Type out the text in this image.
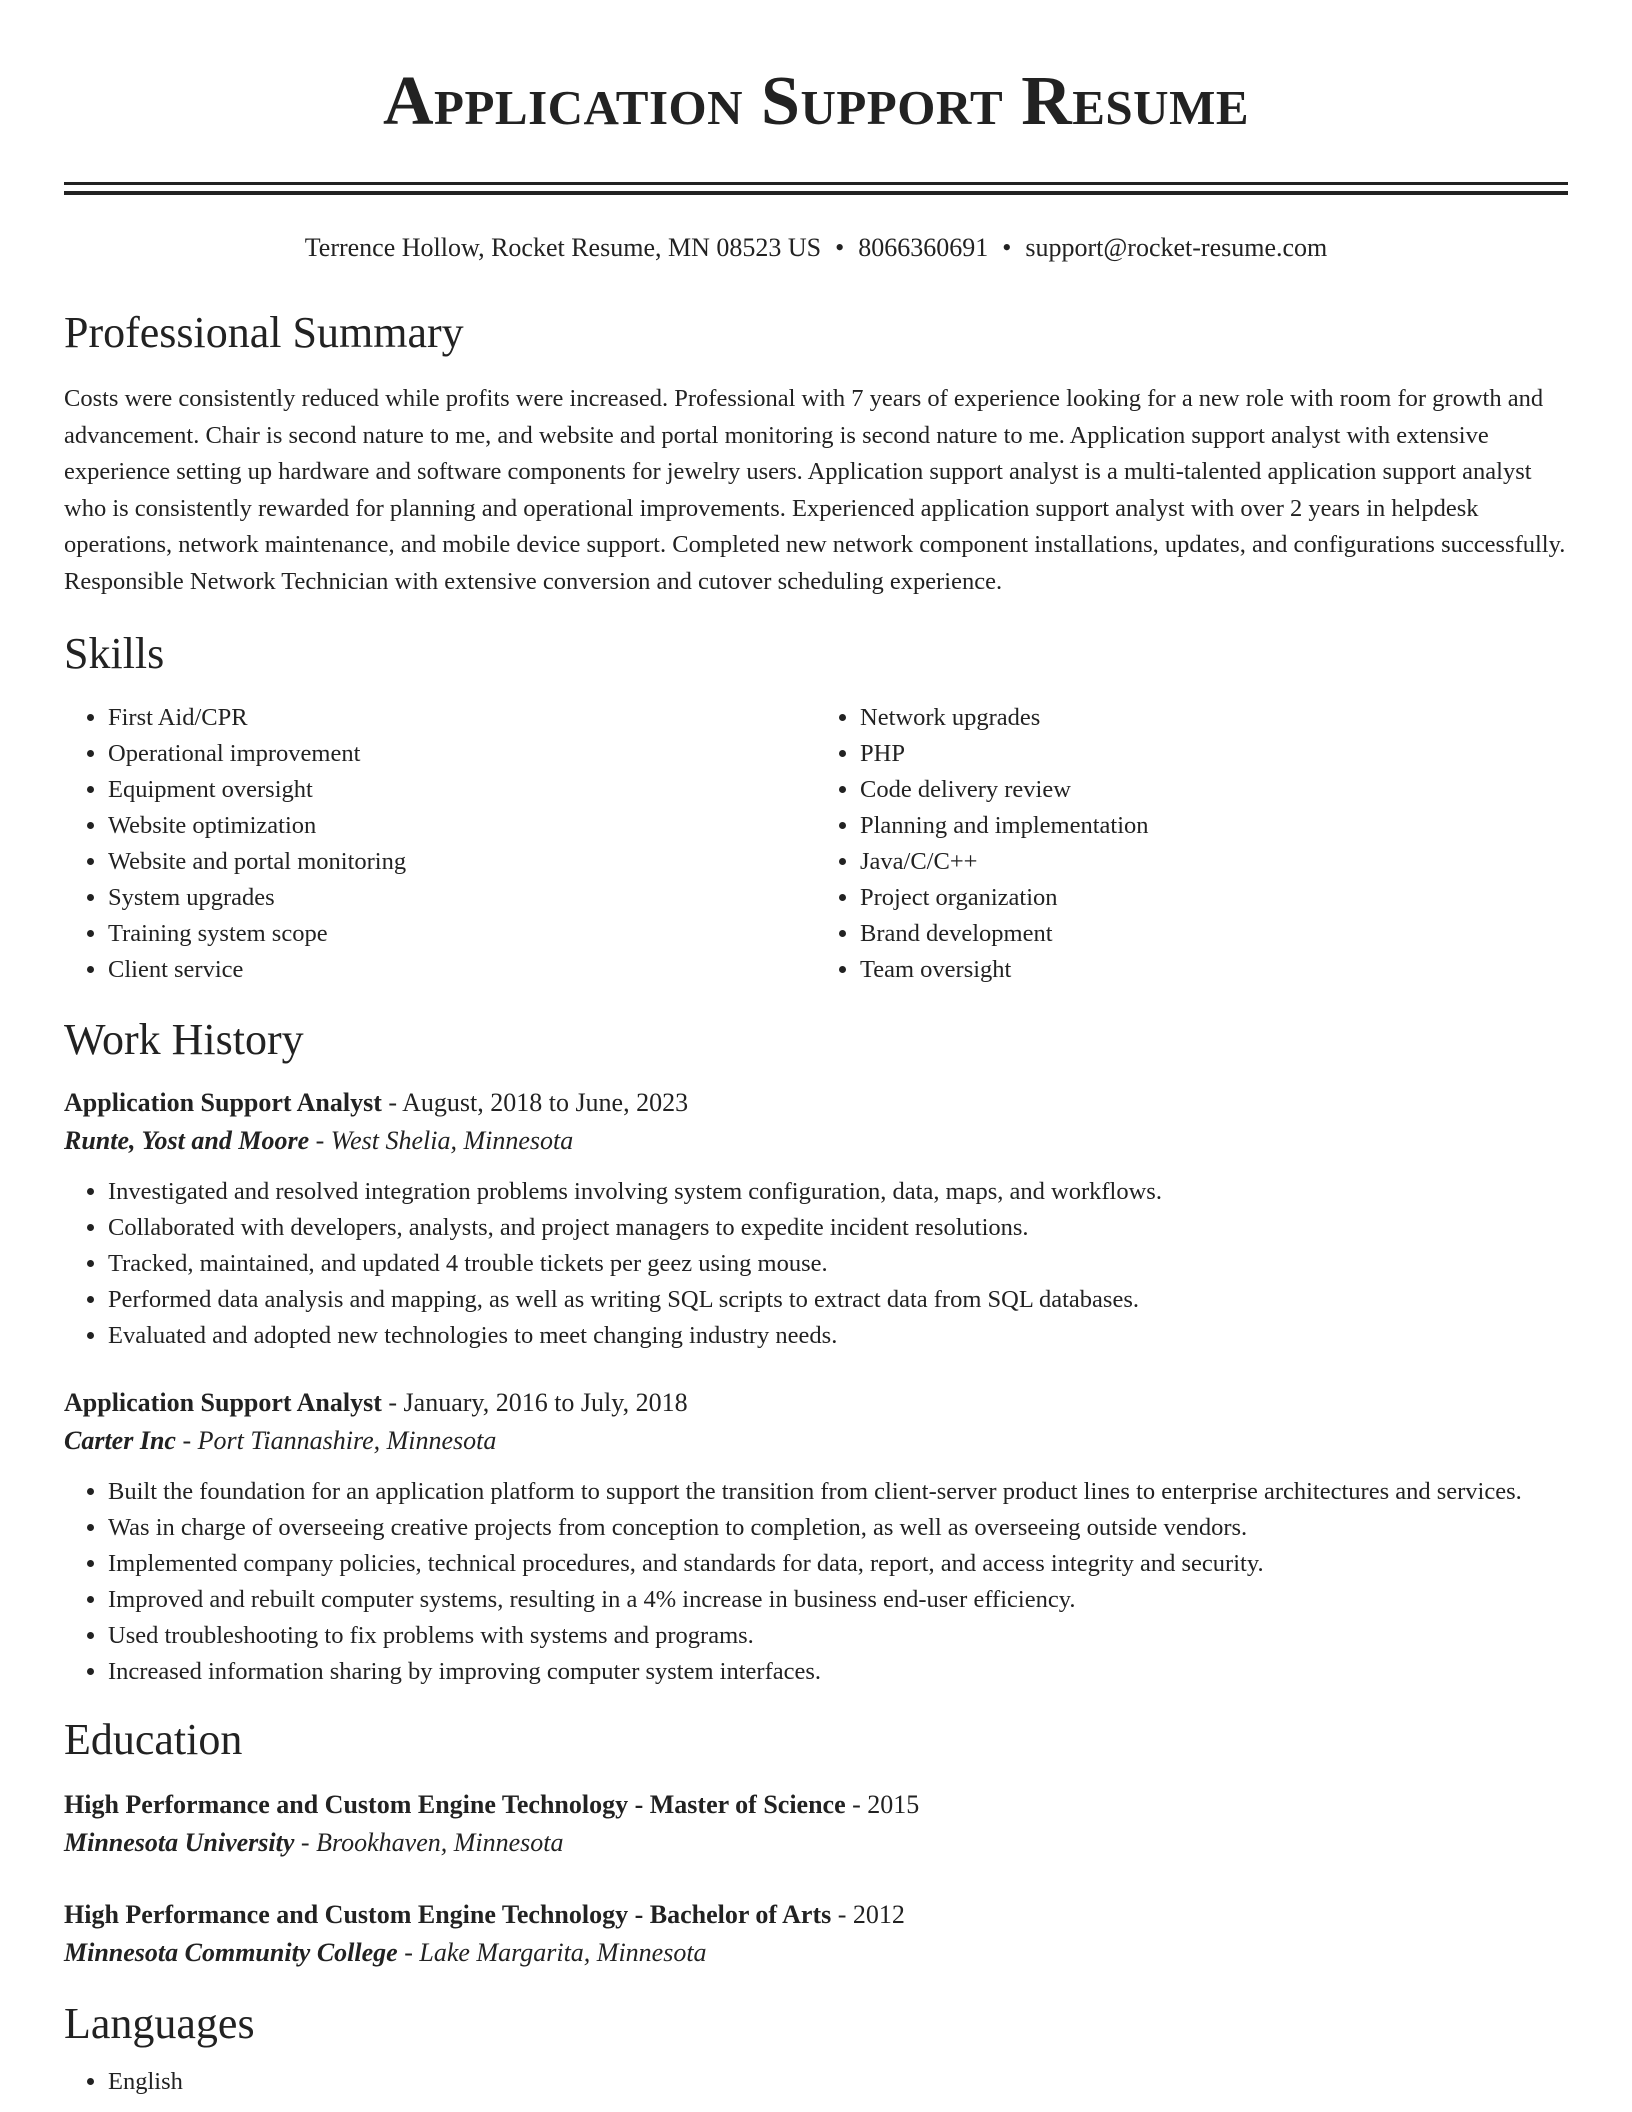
Application Support Resume
Terrence Hollow, Rocket Resume, MN 08523 US • 8066360691 • support@rocket-resume.com
Professional Summary

Costs were consistently reduced while profits were increased. Professional with 7 years of experience looking for a new role with room for growth and advancement. Chair is second nature to me, and website and portal monitoring is second nature to me. Application support analyst with extensive experience setting up hardware and software components for jewelry users. Application support analyst is a multi-talented application support analyst who is consistently rewarded for planning and operational improvements. Experienced application support analyst with over 2 years in helpdesk operations, network maintenance, and mobile device support. Completed new network component installations, updates, and configurations successfully. Responsible Network Technician with extensive conversion and cutover scheduling experience.

Skills
• First Aid/CPR
• Operational improvement
• Equipment oversight
• Website optimization
• Website and portal monitoring
• System upgrades
• Training system scope
• Client service
• Network upgrades
• PHP
• Code delivery review
• Planning and implementation
• Java/C/C++
• Project organization
• Brand development
• Team oversight
Work History
Application Support Analyst - August, 2018 to June, 2023
Runte, Yost and Moore - West Shelia, Minnesota
• Investigated and resolved integration problems involving system configuration, data, maps, and workflows.
• Collaborated with developers, analysts, and project managers to expedite incident resolutions.
• Tracked, maintained, and updated 4 trouble tickets per geez using mouse.
• Performed data analysis and mapping, as well as writing SQL scripts to extract data from SQL databases.
• Evaluated and adopted new technologies to meet changing industry needs.
Application Support Analyst - January, 2016 to July, 2018
Carter Inc - Port Tiannashire, Minnesota
• Built the foundation for an application platform to support the transition from client-server product lines to enterprise architectures and services.
• Was in charge of overseeing creative projects from conception to completion, as well as overseeing outside vendors.
• Implemented company policies, technical procedures, and standards for data, report, and access integrity and security.
• Improved and rebuilt computer systems, resulting in a 4% increase in business end-user efficiency.
• Used troubleshooting to fix problems with systems and programs.
• Increased information sharing by improving computer system interfaces.
Education
High Performance and Custom Engine Technology - Master of Science - 2015
Minnesota University - Brookhaven, Minnesota
High Performance and Custom Engine Technology - Bachelor of Arts - 2012
Minnesota Community College - Lake Margarita, Minnesota
Languages
• English
